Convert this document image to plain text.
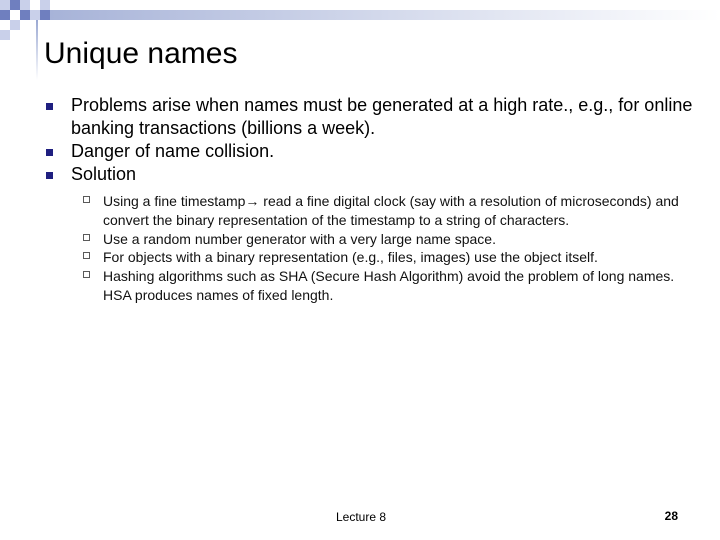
Unique names
Problems arise when names must be generated at a high rate., e.g., for online banking transactions (billions a week).
Danger of name collision.
Solution
Using a fine timestamp→ read a fine digital clock (say with a resolution of microseconds) and convert the binary representation of the timestamp to a string of characters.
Use a random number generator with a very large name space.
For objects with a binary representation (e.g., files, images) use the object itself.
Hashing algorithms such as SHA (Secure Hash Algorithm) avoid the problem of long names. HSA produces names of fixed length.
Lecture 8	28
